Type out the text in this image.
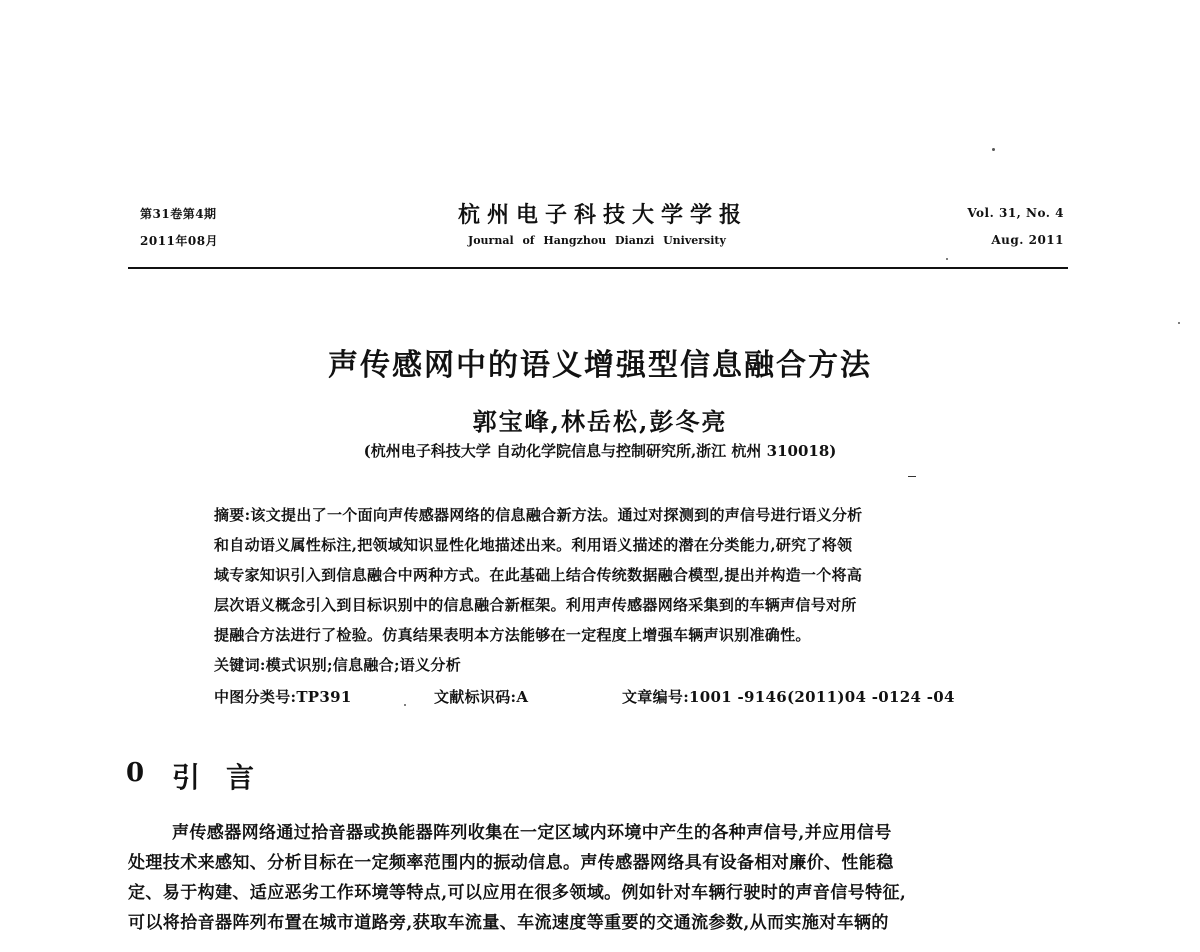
第31卷第4期
2011年08月
杭州电子科技大学学报
Journal of Hangzhou Dianzi University
Vol. 31, No. 4
Aug. 2011
声传感网中的语义增强型信息融合方法
郭宝峰,林岳松,彭冬亮
(杭州电子科技大学 自动化学院信息与控制研究所,浙江 杭州 310018)
摘要:该文提出了一个面向声传感器网络的信息融合新方法。通过对探测到的声信号进行语义分析
和自动语义属性标注,把领域知识显性化地描述出来。利用语义描述的潜在分类能力,研究了将领
域专家知识引入到信息融合中两种方式。在此基础上结合传统数据融合模型,提出并构造一个将高
层次语义概念引入到目标识别中的信息融合新框架。利用声传感器网络采集到的车辆声信号对所
提融合方法进行了检验。仿真结果表明本方法能够在一定程度上增强车辆声识别准确性。
关键词:模式识别;信息融合;语义分析
中图分类号:TP391	文献标识码:A	文章编号:1001 -9146(2011)04 -0124 -04
0 引言
声传感器网络通过拾音器或换能器阵列收集在一定区域内环境中产生的各种声信号,并应用信号
处理技术来感知、分析目标在一定频率范围内的振动信息。声传感器网络具有设备相对廉价、性能稳
定、易于构建、适应恶劣工作环境等特点,可以应用在很多领域。例如针对车辆行驶时的声音信号特征,
可以将拾音器阵列布置在城市道路旁,获取车流量、车流速度等重要的交通流参数,从而实施对车辆的
